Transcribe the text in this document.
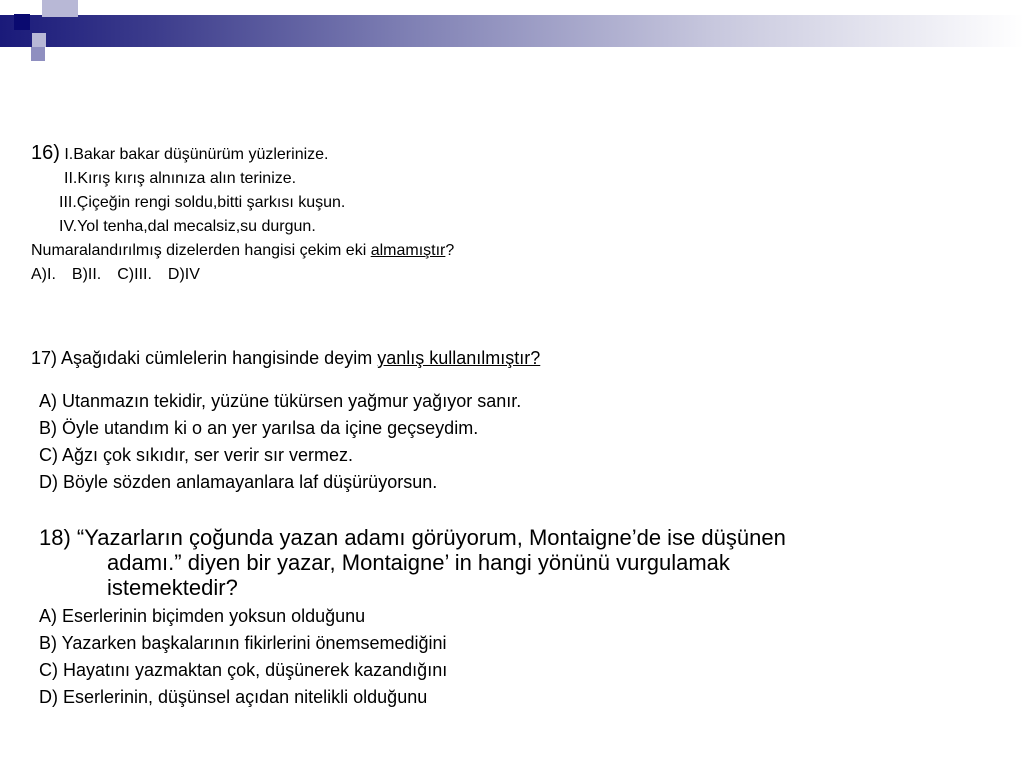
16) I.Bakar bakar düşünürüm yüzlerinize.
II.Kırış kırış alnınıza alın terinize.
III.Çiçeğin rengi soldu,bitti şarkısı kuşun.
IV.Yol tenha,dal mecalsiz,su durgun.
Numaralandırılmış dizelerden hangisi çekim eki almamıştır?
A)I. B)II. C)III. D)IV
17) Aşağıdaki cümlelerin hangisinde deyim yanlış kullanılmıştır?
A) Utanmazın tekidir, yüzüne tükürsen yağmur yağıyor sanır.
B) Öyle utandım ki o an yer yarılsa da içine geçseydim.
C) Ağzı çok sıkıdır, ser verir sır vermez.
D) Böyle sözden anlamayanlara laf düşürüyorsun.
18) “Yazarların çoğunda yazan adamı görüyorum, Montaigne’de ise düşünen
adamı.” diyen bir yazar, Montaigne’ in hangi yönünü vurgulamak
istemektedir?
A) Eserlerinin biçimden yoksun olduğunu
B) Yazarken başkalarının fikirlerini önemsemediğini
C) Hayatını yazmaktan çok, düşünerek kazandığını
D) Eserlerinin, düşünsel açıdan nitelikli olduğunu
